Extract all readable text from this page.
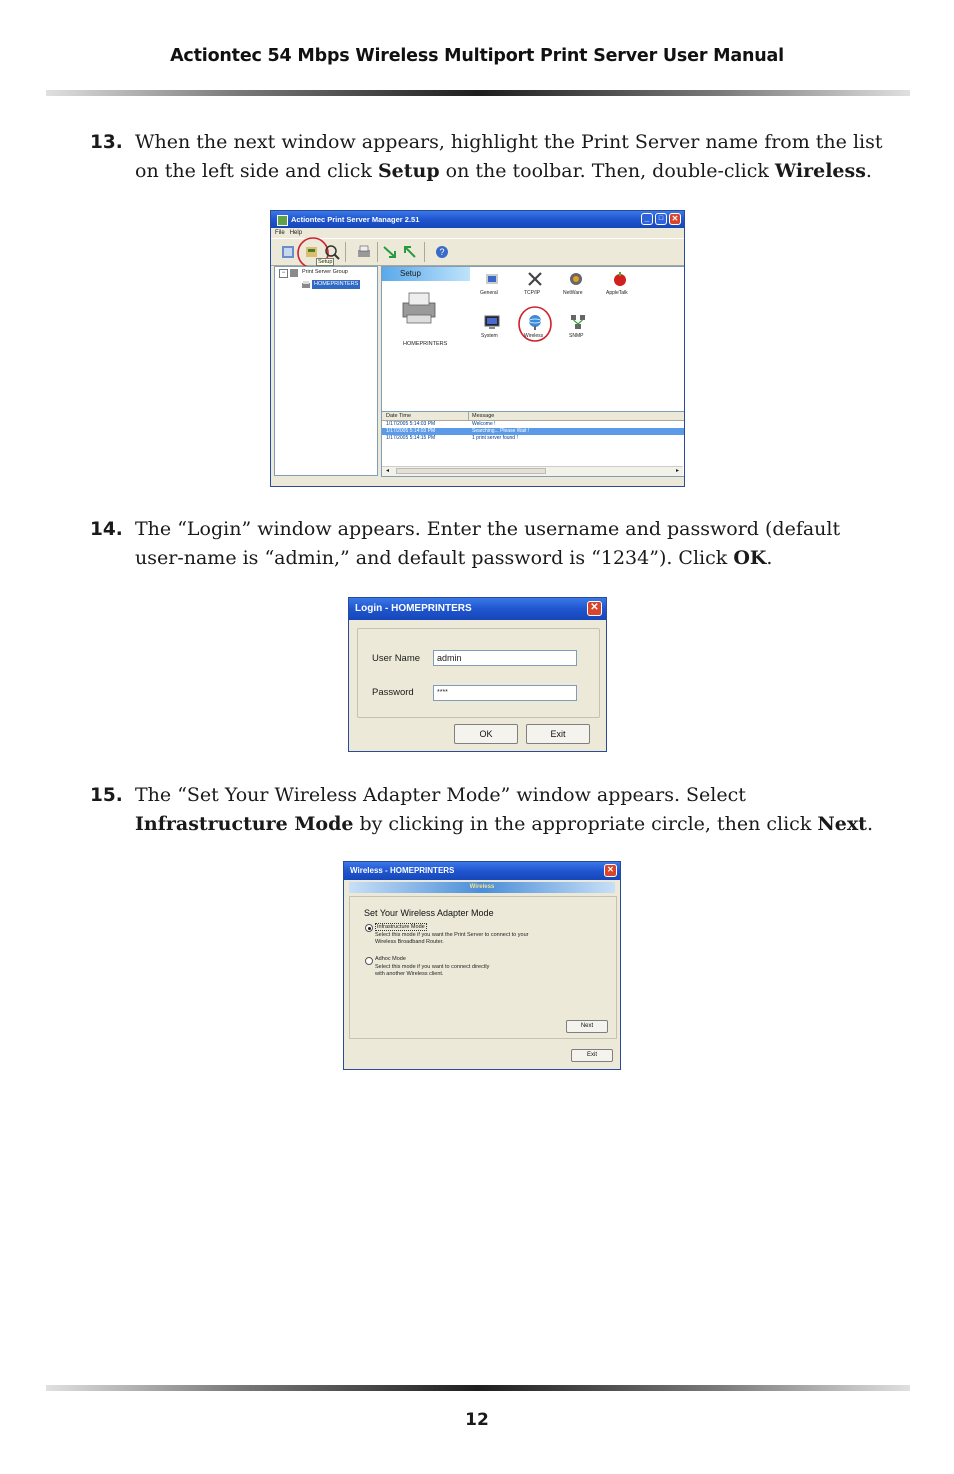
Actiontec 54 Mbps Wireless Multiport Print Server User Manual
13. When the next window appears, highlight the Print Server name from the list on the left side and click Setup on the toolbar. Then, double-click Wireless.
Actiontec Print Server Manager 2.51	_	□	✕
File Help
Setup
?
−	Print Server Group
HOMEPRINTERS
Setup
HOMEPRINTERS
General	TCP/IP	NetWare	AppleTalk
System	Wireless	SNMP
Date Time	Message
1/17/2005 5:14:03 PM	Welcome !
1/17/2005 5:14:03 PM	Searching... Please Wait !
1/17/2005 5:14:15 PM	1 print server found !
◂	▸
14. The “Login” window appears. Enter the username and password (default user-name is “admin,” and default password is “1234”). Click OK.
Login - HOMEPRINTERS	✕
User Name	admin
Password	****
OK	Exit
15. The “Set Your Wireless Adapter Mode” window appears. Select Infrastructure Mode by clicking in the appropriate circle, then click Next.
Wireless - HOMEPRINTERS	✕
Wireless
Set Your Wireless Adapter Mode
Infrastructure Mode
Select this mode if you want the Print Server to connect to your
Wireless Broadband Router.
Adhoc Mode
Select this mode if you want to connect directly
with another Wireless client.
Next
Exit
12
